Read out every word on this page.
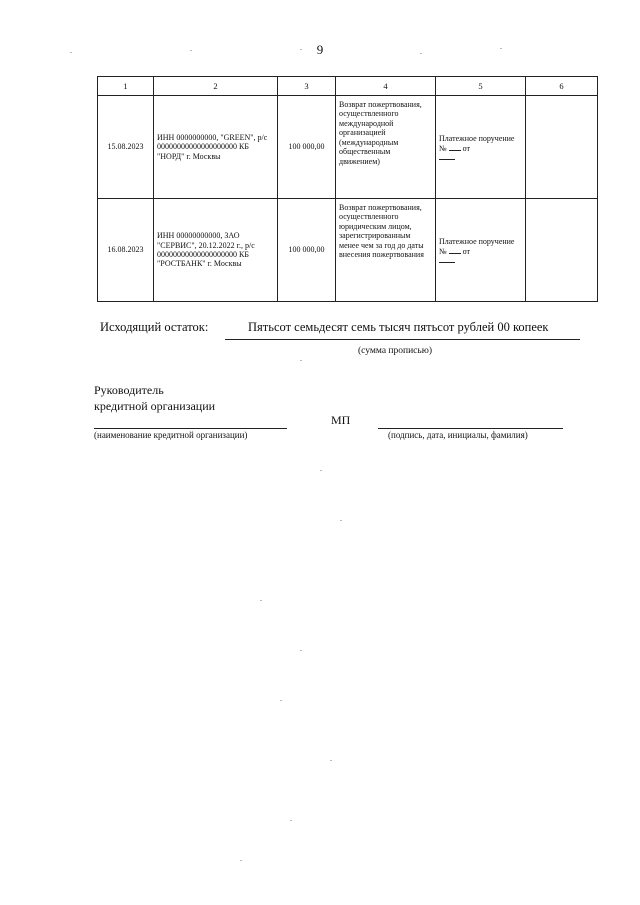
9
1	2	3	4	5	6
15.08.2023	ИНН 0000000000, "GREEN", р/с 00000000000000000000 КБ "НОРД" г. Москвы	100 000,00	Возврат пожертвования, осуществленного международной организацией (международным общественным движением)	Платежное поручение № от

16.08.2023	ИНН 00000000000, ЗАО "СЕРВИС", 20.12.2022 г., р/с 00000000000000000000 КБ "РОСТБАНК" г. Москвы	100 000,00	Возврат пожертвования, осуществленного юридическим лицом, зарегистрированным менее чем за год до даты внесения пожертвования	Платежное поручение № от

Исходящий остаток:	Пятьсот семьдесят семь тысяч пятьсот рублей 00 копеек
(сумма прописью)
Руководитель
кредитной организации
МП
(наименование кредитной организации)	(подпись, дата, инициалы, фамилия)
